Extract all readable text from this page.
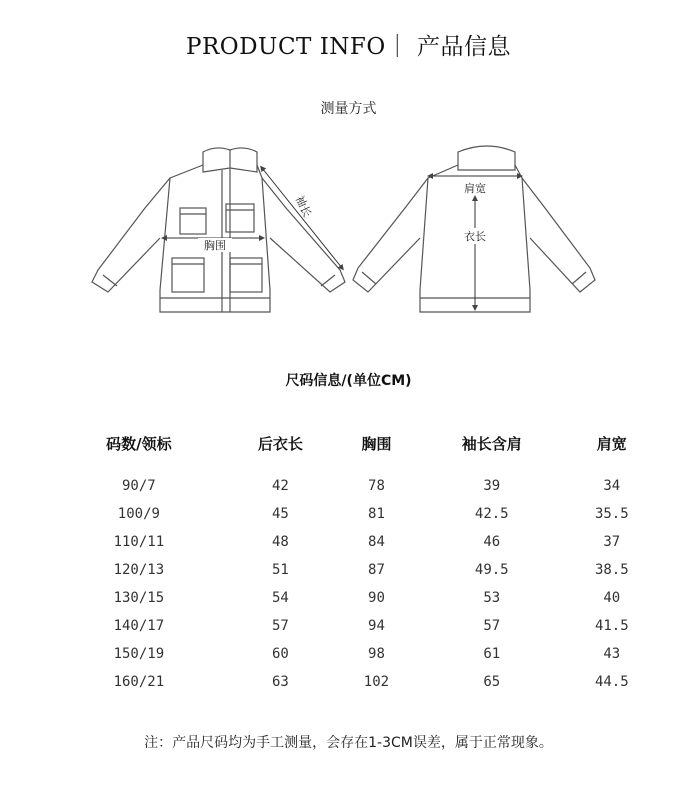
PRODUCT INFO｜ 产品信息
测量方式
胸围
袖长
肩宽
衣长
尺码信息/(单位CM)
码数/领标	后衣长	胸围	袖长含肩	肩宽

90/7	42	78	39	34
100/9	45	81	42.5	35.5
110/11	48	84	46	37
120/13	51	87	49.5	38.5
130/15	54	90	53	40
140/17	57	94	57	41.5
150/19	60	98	61	43
160/21	63	102	65	44.5
注：产品尺码均为手工测量，会存在1-3CM误差，属于正常现象。
